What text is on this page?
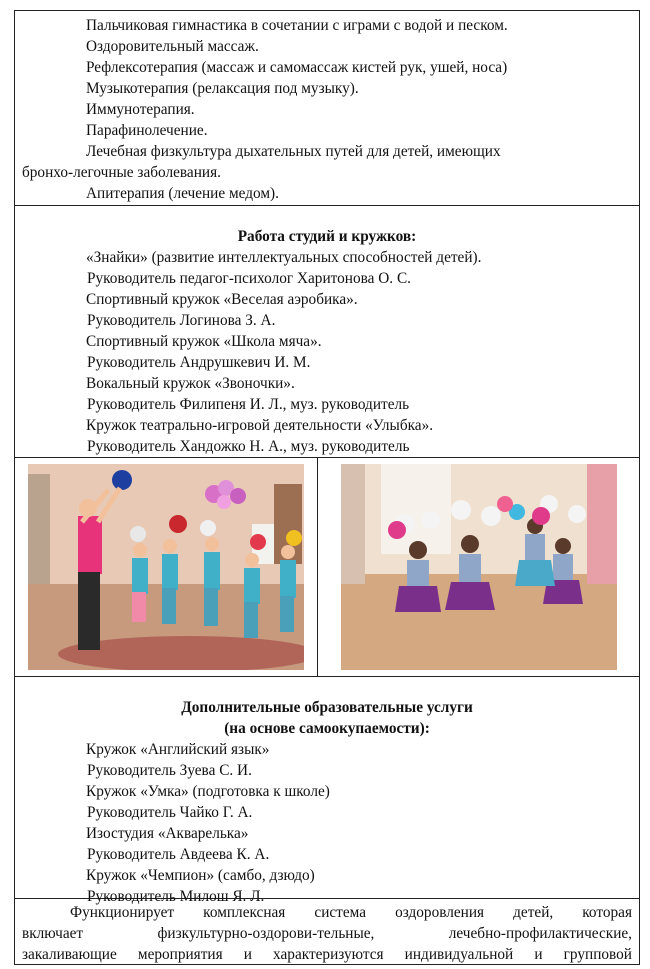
Пальчиковая гимнастика в сочетании с играми с водой и песком.
Оздоровительный массаж.
Рефлексотерапия (массаж и самомассаж кистей рук, ушей, носа)
Музыкотерапия (релаксация под музыку).
Иммунотерапия.
Парафинолечение.
Лечебная физкультура дыхательных путей для детей, имеющих
бронхо-легочные заболевания.
Апитерапия (лечение медом).
Работа студий и кружков:
«Знайки» (развитие интеллектуальных способностей детей).
Руководитель педагог-психолог Харитонова О. С.
Спортивный кружок «Веселая аэробика».
Руководитель Логинова З. А.
Спортивный кружок «Школа мяча».
Руководитель Андрушкевич И. М.
Вокальный кружок «Звоночки».
Руководитель Филипеня И. Л., муз. руководитель
Кружок театрально-игровой деятельности «Улыбка».
Руководитель Хандожко Н. А., муз. руководитель
Дополнительные образовательные услуги
(на основе самоокупаемости):
Кружок «Английский язык»
Руководитель Зуева С. И.
Кружок «Умка» (подготовка к школе)
Руководитель Чайко Г. А.
Изостудия «Акварелька»
Руководитель Авдеева К. А.
Кружок «Чемпион» (самбо, дзюдо)
Руководитель Милош Я. Л.
Функционирует комплексная система оздоровления детей, которая
включает физкультурно-оздорови-тельные, лечебно-профилактические,
закаливающие мероприятия и характеризуются индивидуальной и групповой
